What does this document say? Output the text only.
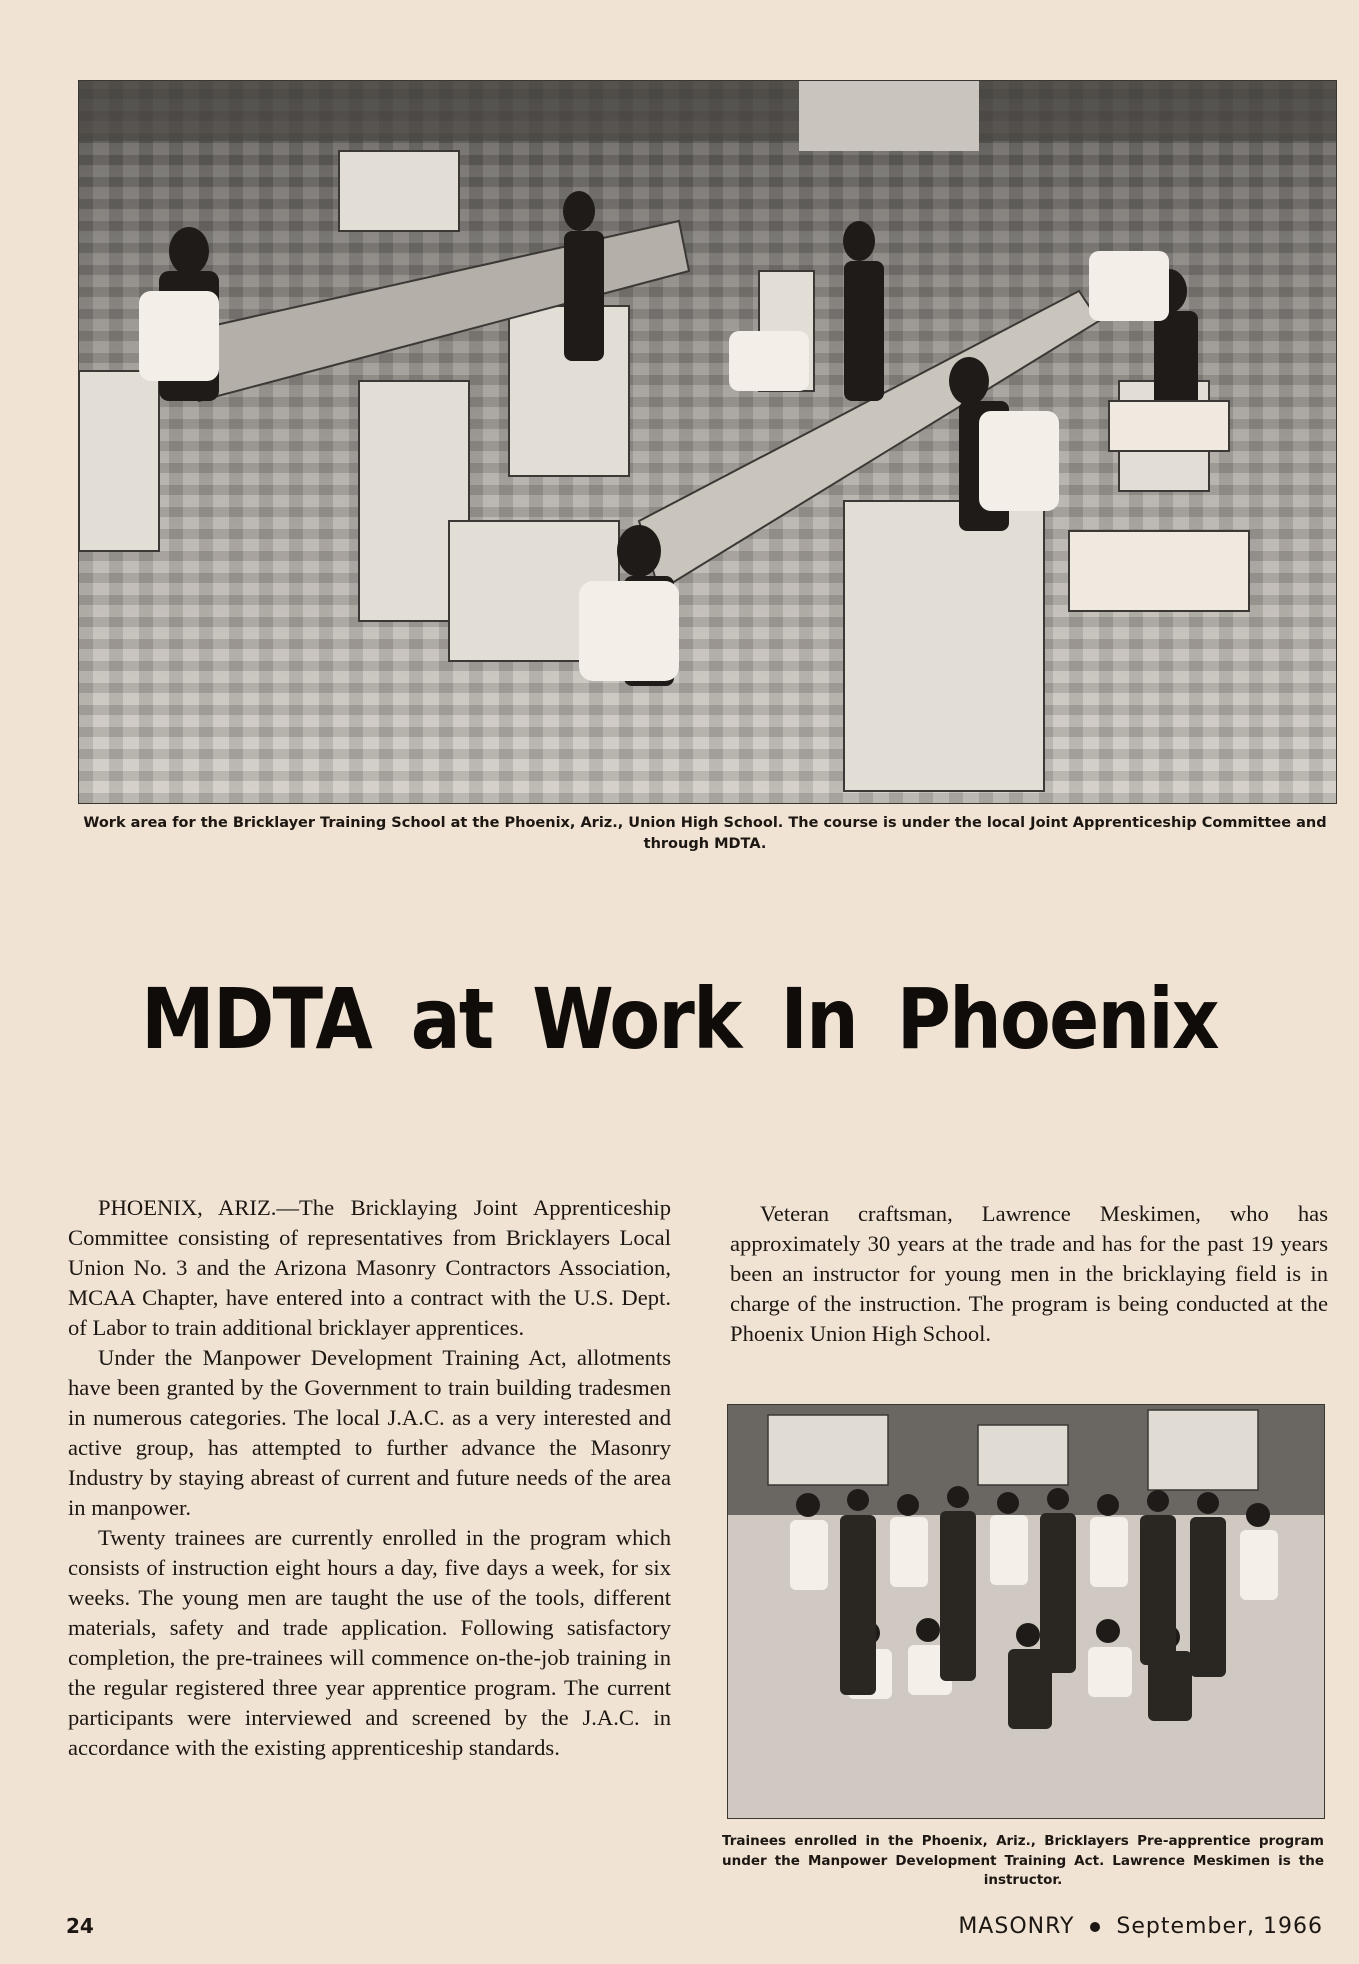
Work area for the Bricklayer Training School at the Phoenix, Ariz., Union High School. The course is under the local Joint Apprenticeship Committee and through MDTA.
MDTA at Work In Phoenix

PHOENIX, ARIZ.—The Bricklaying Joint Apprenticeship Committee consisting of representatives from Bricklayers Local Union No. 3 and the Arizona Masonry Contractors Association, MCAA Chapter, have entered into a contract with the U.S. Dept. of Labor to train additional bricklayer apprentices.

Under the Manpower Development Training Act, allotments have been granted by the Government to train building tradesmen in numerous categories. The local J.A.C. as a very interested and active group, has attempted to further advance the Masonry Industry by staying abreast of current and future needs of the area in manpower.

Twenty trainees are currently enrolled in the program which consists of instruction eight hours a day, five days a week, for six weeks. The young men are taught the use of the tools, different materials, safety and trade application. Following satisfactory completion, the pre-trainees will commence on-the-job training in the regular registered three year apprentice program. The current participants were interviewed and screened by the J.A.C. in accordance with the existing apprenticeship standards.

Veteran craftsman, Lawrence Meskimen, who has approximately 30 years at the trade and has for the past 19 years been an instructor for young men in the bricklaying field is in charge of the instruction. The program is being conducted at the Phoenix Union High School.

Trainees enrolled in the Phoenix, Ariz., Bricklayers Pre-apprentice program under the Manpower Development Training Act. Lawrence Meskimen is the instructor.
24	MASONRY September, 1966
